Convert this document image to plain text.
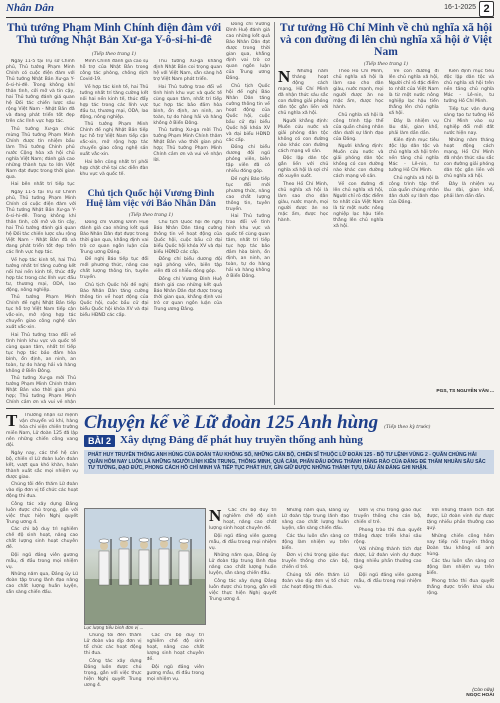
Nhân Dân	16-1-2025 2
Thủ tướng Phạm Minh Chính điện đàm với Thủ tướng Nhật Bản Xư-ga Y-ô-si-hi-đê
(Tiếp theo trang 1)

Ngày 11-5 tại Trụ sở Chính phủ, Thủ tướng Phạm Minh Chính có cuộc điện đàm với Thủ tướng Nhật Bản Xư-ga Y-ô-si-hi-đê. Trong không khí thân tình, cởi mở và tin cậy, hai Thủ tướng đánh giá quan hệ Đối tác chiến lược sâu rộng Việt Nam - Nhật Bản đã và đang phát triển tốt đẹp trên các lĩnh vực hợp tác.

Thủ tướng Xư-ga chúc mừng Thủ tướng Phạm Minh Chính được tín nhiệm bầu làm Thủ tướng Chính phủ nước Cộng hòa xã hội chủ nghĩa Việt Nam; đánh giá cao những thành tựu to lớn Việt Nam đạt được trong thời gian qua.

Hai bên nhất trí tiếp tục

Minh Chính đánh giá cao sự hỗ trợ của Nhật Bản trong công tác phòng, chống dịch Covid-19.

Về hợp tác kinh tế, hai Thủ tướng nhất trí tăng cường kết nối hai nền kinh tế, thúc đẩy hợp tác trong các lĩnh vực đầu tư, thương mại, ODA, lao động, nông nghiệp.

Thủ tướng Phạm Minh Chính đề nghị Nhật Bản tiếp tục hỗ trợ Việt Nam tiếp cận vắc-xin, mở rộng hợp tác chuyển giao công nghệ sản xuất vắc-xin.

Hai bên cũng nhất trí phối hợp chặt chẽ tại các diễn đàn khu vực và quốc tế.

Thủ tướng Xư-ga khẳng định Nhật Bản coi trọng quan hệ với Việt Nam, sẵn sàng hỗ trợ Việt Nam phát triển.

Hai Thủ tướng trao đổi về tình hình khu vực và quốc tế cùng quan tâm, nhất trí tiếp tục hợp tác bảo đảm hòa bình, ổn định, an ninh, an toàn, tự do hàng hải và hàng không ở Biển Đông.

Thủ tướng Xư-ga mời Thủ tướng Phạm Minh Chính thăm Nhật Bản vào thời gian phù hợp; Thủ tướng Phạm Minh Chính cảm ơn và vui vẻ nhận lời.

Ngày 11-5 tại Trụ sở Chính phủ, Thủ tướng Phạm Minh Chính có cuộc điện đàm với Thủ tướng Nhật Bản Xư-ga Y-ô-si-hi-đê. Trong không khí thân tình, cởi mở và tin cậy, hai Thủ tướng đánh giá quan hệ Đối tác chiến lược sâu rộng Việt Nam - Nhật Bản đã và đang phát triển tốt đẹp trên các lĩnh vực hợp tác.

Về hợp tác kinh tế, hai Thủ tướng nhất trí tăng cường kết nối hai nền kinh tế, thúc đẩy hợp tác trong các lĩnh vực đầu tư, thương mại, ODA, lao động, nông nghiệp.

Thủ tướng Phạm Minh Chính đề nghị Nhật Bản tiếp tục hỗ trợ Việt Nam tiếp cận vắc-xin, mở rộng hợp tác chuyển giao công nghệ sản xuất vắc-xin.

Hai Thủ tướng trao đổi về tình hình khu vực và quốc tế cùng quan tâm, nhất trí tiếp tục hợp tác bảo đảm hòa bình, ổn định, an ninh, an toàn, tự do hàng hải và hàng không ở Biển Đông.

Thủ tướng Xư-ga mời Thủ tướng Phạm Minh Chính thăm Nhật Bản vào thời gian phù hợp; Thủ tướng Phạm Minh Chính cảm ơn và vui vẻ nhận

Chủ tịch Quốc hội Vương Đình Huệ làm việc với Báo Nhân Dân
(Tiếp theo trang 1)

Đồng chí Vương Đình Huệ đánh giá cao những kết quả Báo Nhân Dân đạt được trong thời gian qua, khẳng định vai trò cơ quan ngôn luận của Trung ương Đảng.

Đề nghị Báo tiếp tục đổi mới phương thức, nâng cao chất lượng thông tin, tuyên truyền.

Chủ tịch Quốc hội đề nghị Báo Nhân Dân tăng cường thông tin về hoạt động của Quốc hội, cuộc bầu cử đại biểu Quốc hội khóa XV và đại biểu HĐND các cấp.

Chủ tịch Quốc hội đề nghị Báo Nhân Dân tăng cường thông tin về hoạt động của Quốc hội, cuộc bầu cử đại biểu Quốc hội khóa XV và đại biểu HĐND các cấp.

Đồng chí biểu dương đội ngũ phóng viên, biên tập viên đã có nhiều đóng góp.

Đồng chí Vương Đình Huệ đánh giá cao những kết quả Báo Nhân Dân đạt được trong thời gian qua, khẳng định vai trò cơ quan ngôn luận của Trung ương Đảng.

Đồng chí Vương Đình Huệ đánh giá cao những kết quả Báo Nhân Dân đạt được trong thời gian qua, khẳng định vai trò cơ quan ngôn luận của Trung ương Đảng.

Chủ tịch Quốc hội đề nghị Báo Nhân Dân tăng cường thông tin về hoạt động của Quốc hội, cuộc bầu cử đại biểu Quốc hội khóa XV và đại biểu HĐND các cấp.

Đồng chí biểu dương đội ngũ phóng viên, biên tập viên đã có nhiều đóng góp.

Đề nghị Báo tiếp tục đổi mới phương thức, nâng cao chất lượng thông tin, tuyên truyền.

Hai Thủ tướng trao đổi về tình hình khu vực và quốc tế cùng quan tâm, nhất trí tiếp tục hợp tác bảo đảm hòa bình, ổn định, an ninh, an toàn, tự do hàng hải và hàng không ở Biển Đông.

Tư tưởng Hồ Chí Minh về chủ nghĩa xã hội và con đường đi lên chủ nghĩa xã hội ở Việt Nam
(Tiếp theo trang 1)
N	Những năm tháng hoạt động cách mạng, Hồ Chí Minh đã nhận thức sâu sắc con đường giải phóng dân tộc gắn liền với chủ nghĩa xã hội.

Người khẳng định: Muốn cứu nước và giải phóng dân tộc không có con đường nào khác con đường cách mạng vô sản.

Độc lập dân tộc gắn liền với chủ nghĩa xã hội là sợi chỉ đỏ xuyên suốt.

Theo Hồ Chí Minh, chủ nghĩa xã hội là làm sao cho dân giàu, nước mạnh, mọi người được ăn no mặc ấm, được học hành.

Theo Hồ Chí Minh, chủ nghĩa xã hội là làm sao cho dân giàu, nước mạnh, mọi người được ăn no mặc ấm, được học hành.

Chủ nghĩa xã hội là công trình tập thể của quần chúng nhân dân dưới sự lãnh đạo của Đảng.

Người khẳng định: Muốn cứu nước và giải phóng dân tộc không có con đường nào khác con đường cách mạng vô sản.

Về con đường đi lên chủ nghĩa xã hội, Người chỉ rõ đặc điểm to nhất của Việt Nam là từ một nước nông nghiệp lạc hậu tiến thẳng lên chủ nghĩa xã hội.

Về con đường đi lên chủ nghĩa xã hội, Người chỉ rõ đặc điểm to nhất của Việt Nam là từ một nước nông nghiệp lạc hậu tiến thẳng lên chủ nghĩa xã hội.

Đây là nhiệm vụ lâu dài, gian khổ, phải làm dần dần.

Kiên định mục tiêu độc lập dân tộc và chủ nghĩa xã hội trên nền tảng chủ nghĩa Mác - Lê-nin, tư tưởng Hồ Chí Minh.

Chủ nghĩa xã hội là công trình tập thể của quần chúng nhân dân dưới sự lãnh đạo của Đảng.

Kiên định mục tiêu độc lập dân tộc và chủ nghĩa xã hội trên nền tảng chủ nghĩa Mác - Lê-nin, tư tưởng Hồ Chí Minh.

Tiếp tục vận dụng sáng tạo tư tưởng Hồ Chí Minh vào sự nghiệp đổi mới đất nước hiện nay.

Những năm tháng hoạt động cách mạng, Hồ Chí Minh đã nhận thức sâu sắc con đường giải phóng dân tộc gắn liền với chủ nghĩa xã hội.

Đây là nhiệm vụ lâu dài, gian khổ, phải làm dần dần.

PGS, TS NGUYỄN VĂN ...
T	Thường nhận sứ mệnh vận chuyển vũ khí, hàng hóa chi viện chiến trường miền Nam, Lữ đoàn 125 đã lập nên những chiến công vang dội.

Ngày nay, các thế hệ cán bộ, chiến sĩ Lữ đoàn luôn đoàn kết, vượt qua khó khăn, hoàn thành xuất sắc mọi nhiệm vụ được giao.

Chúng tôi đến thăm Lữ đoàn vào dịp đơn vị tổ chức các hoạt động thi đua.

Công tác xây dựng Đảng luôn được chú trọng, gắn với việc thực hiện Nghị quyết Trung ương 4.

Các chi bộ duy trì nghiêm chế độ sinh hoạt, nâng cao chất lượng sinh hoạt chuyên đề.

Đội ngũ đảng viên gương mẫu, đi đầu trong mọi nhiệm vụ.

Những năm qua, Đảng ủy Lữ đoàn tập trung lãnh đạo nâng cao chất lượng huấn luyện, sẵn sàng chiến đấu.

Chuyện kể về Lữ đoàn 125 Anh hùng (Tiếp theo kỳ trước)
BÀI 2 Xây dựng Đảng để phát huy truyền thống anh hùng
PHÁT HUY TRUYỀN THỐNG ANH HÙNG CỦA ĐOÀN TÀU KHÔNG SỐ, NHỮNG CÁN BỘ, CHIẾN SĨ THUỘC LỮ ĐOÀN 125 - BỘ TƯ LỆNH VÙNG 2 - QUÂN CHỦNG HẢI QUÂN HÔM NAY LUÔN LÀ NHỮNG NGƯỜI LÍNH KIÊN TRUNG, THÔNG MINH, QUẢ CẢM, PHẤN ĐẤU ĐÓNG THÀNH HÀNG RÀO CỦA ĐẢNG ĐỂ THẤM NHUẦN SÂU SẮC TƯ TƯỞNG, ĐẠO ĐỨC, PHONG CÁCH HỒ CHÍ MINH VÀ TIẾP TỤC PHÁT HUY, GÌN GIỮ ĐƯỢC NHỮNG THÀNH TỰU, DẤU ẤN ĐÁNG GHI NHẬN.
Lực lượng tiêu binh đơn vị ...

Chúng tôi đến thăm Lữ đoàn vào dịp đơn vị tổ chức các hoạt động thi đua.

Công tác xây dựng Đảng luôn được chú trọng, gắn với việc thực hiện Nghị quyết Trung ương 4.

Các chi bộ duy trì nghiêm chế độ sinh hoạt, nâng cao chất lượng sinh hoạt chuyên đề.

Đội ngũ đảng viên gương mẫu, đi đầu trong mọi nhiệm vụ.

N	Các chi bộ duy trì nghiêm chế độ sinh hoạt, nâng cao chất lượng sinh hoạt chuyên đề.

Đội ngũ đảng viên gương mẫu, đi đầu trong mọi nhiệm vụ.

Những năm qua, Đảng ủy Lữ đoàn tập trung lãnh đạo nâng cao chất lượng huấn luyện, sẵn sàng chiến đấu.

Công tác xây dựng Đảng luôn được chú trọng, gắn với việc thực hiện Nghị quyết Trung ương 4.

Những năm qua, Đảng ủy Lữ đoàn tập trung lãnh đạo nâng cao chất lượng huấn luyện, sẵn sàng chiến đấu.

Các tàu luôn sẵn sàng cơ động làm nhiệm vụ trên biển.

Đơn vị chú trọng giáo dục truyền thống cho cán bộ, chiến sĩ trẻ.

Chúng tôi đến thăm Lữ đoàn vào dịp đơn vị tổ chức các hoạt động thi đua.

Đơn vị chú trọng giáo dục truyền thống cho cán bộ, chiến sĩ trẻ.

Phong trào thi đua quyết thắng được triển khai sâu rộng.

Với những thành tích đạt được, Lữ đoàn vinh dự được tặng nhiều phần thưởng cao quý.

Đội ngũ đảng viên gương mẫu, đi đầu trong mọi nhiệm vụ.

Với những thành tích đạt được, Lữ đoàn vinh dự được tặng nhiều phần thưởng cao quý.

Những chiến công hôm nay tiếp nối truyền thống Đoàn tàu không số anh hùng.

Các tàu luôn sẵn sàng cơ động làm nhiệm vụ trên biển.

Phong trào thi đua quyết thắng được triển khai sâu rộng.

(Còn nữa)
NGỌC HOÀI
